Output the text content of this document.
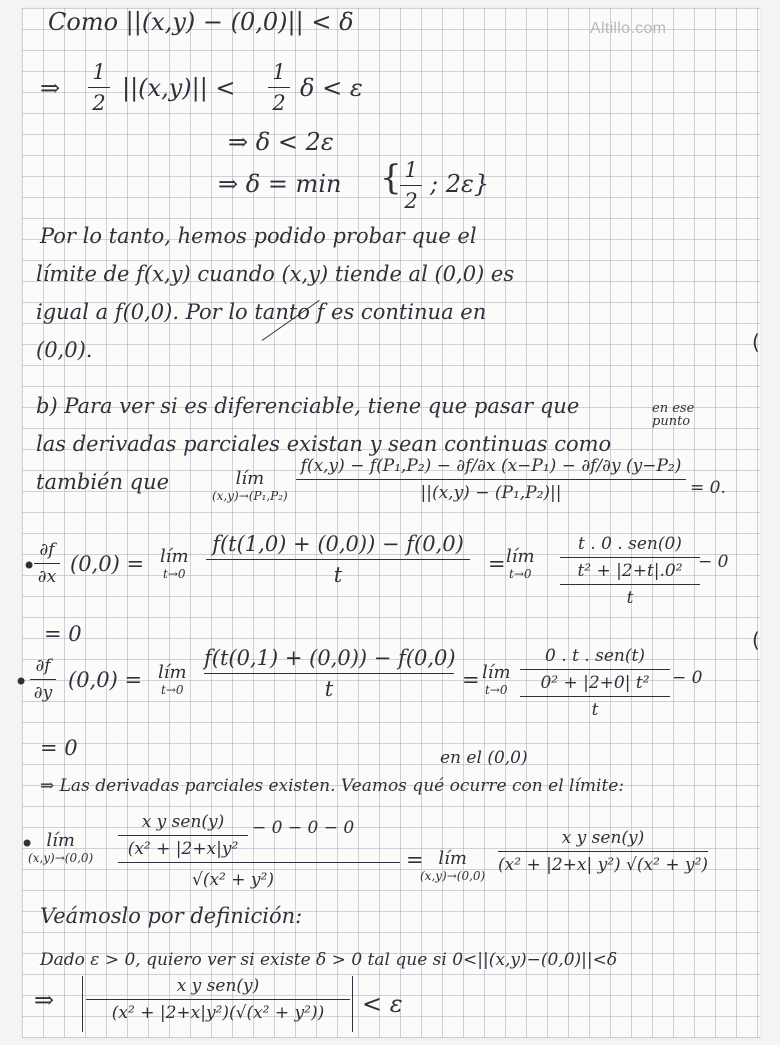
Altillo.com
Como ||(x,y) − (0,0)|| < δ
⇒
1
2
||(x,y)|| <
1
2
δ < ε
⇒ δ < 2ε
⇒ δ = min { 1
2
; 2ε}
Por lo tanto, hemos podido probar que el
límite de f(x,y) cuando (x,y) tiende al (0,0) es
igual a f(0,0). Por lo tanto f es continua en
(0,0).
b) Para ver si es diferenciable, tiene que pasar que	en ese punto
las derivadas parciales existan y sean continuas como
también que	lím
(x,y)→(P₁,P₂)
f(x,y) − f(P₁,P₂) − ∂f/∂x (x−P₁) − ∂f/∂y (y−P₂)
||(x,y) − (P₁,P₂)||	= 0.
•
∂f
∂x
(0,0) = lím
t→0
f(t(1,0) + (0,0)) − f(0,0)
t	= lím
t→0
t . 0 . sen(0)
t² + |2+t|.0²
t
− 0
= 0
•
∂f
∂y
(0,0) = lím
t→0
f(t(0,1) + (0,0)) − f(0,0)
t	= lím
t→0
0 . t . sen(t)
0² + |2+0| t²
t
− 0
= 0	en el (0,0)
⇒ Las derivadas parciales existen. Veamos qué ocurre con el límite:
• lím
(x,y)→(0,0)
x y sen(y)
(x² + |2+x|y²
− 0 − 0 − 0
√(x² + y²)
= lím
(x,y)→(0,0)
x y sen(y)
(x² + |2+x| y²) √(x² + y²)
Veámoslo por definición:
Dado ε > 0, quiero ver si existe δ > 0 tal que si 0<||(x,y)−(0,0)||<δ
⇒	x y sen(y)
(x² + |2+x|y²)(√(x² + y²))	< ε
(
(
